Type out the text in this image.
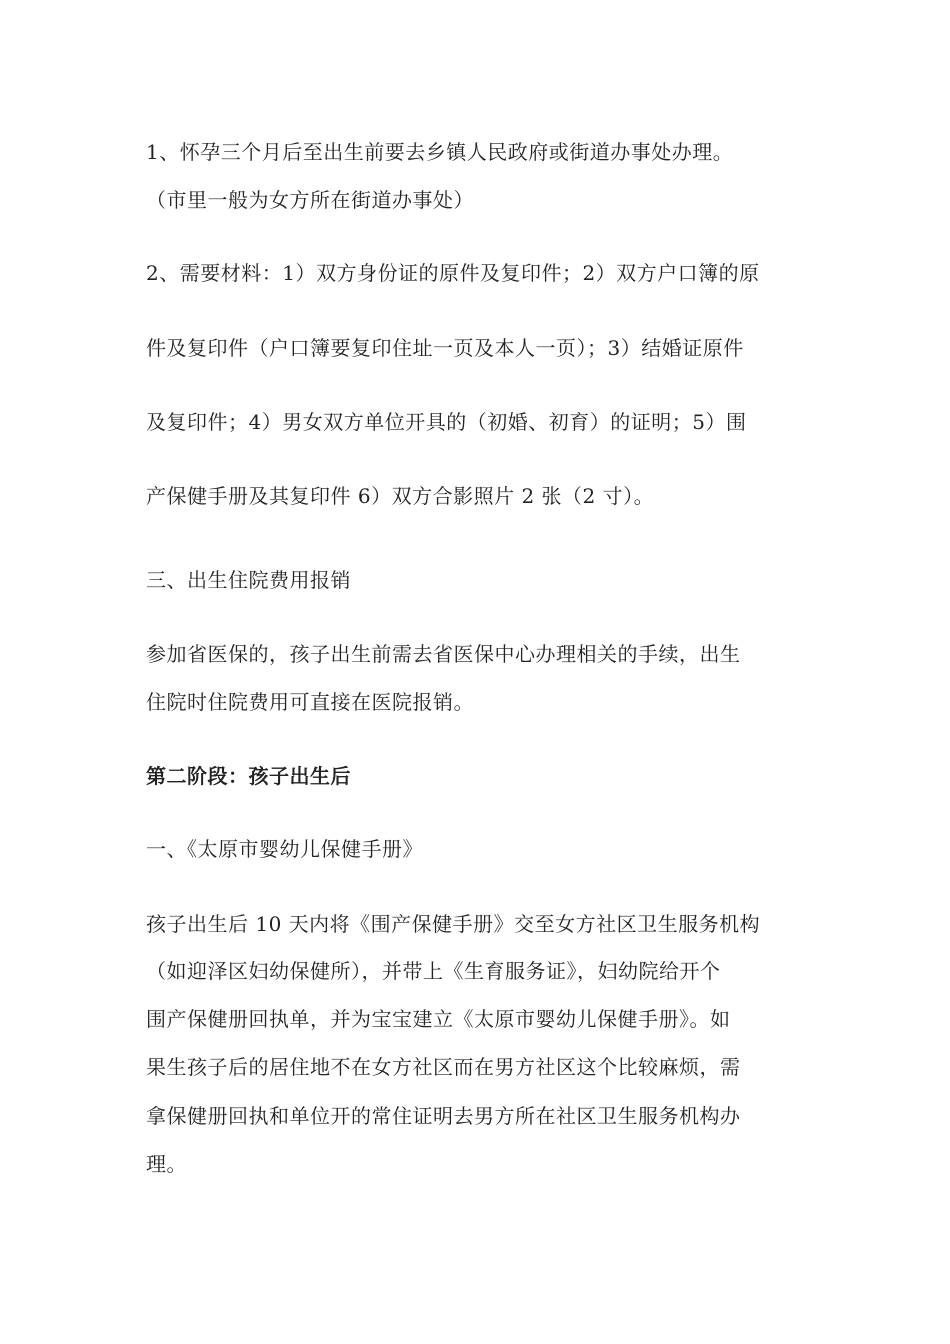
1、怀孕三个月后至出生前要去乡镇人民政府或街道办事处办理。
（市里一般为女方所在街道办事处）
2、需要材料：1）双方身份证的原件及复印件；2）双方户口簿的原
件及复印件（户口簿要复印住址一页及本人一页）；3）结婚证原件
及复印件；4）男女双方单位开具的（初婚、初育）的证明；5）围
产保健手册及其复印件 6）双方合影照片 2 张（2 寸）。
三、出生住院费用报销
参加省医保的，孩子出生前需去省医保中心办理相关的手续，出生
住院时住院费用可直接在医院报销。
第二阶段：孩子出生后
一、《太原市婴幼儿保健手册》
孩子出生后 10 天内将《围产保健手册》交至女方社区卫生服务机构
（如迎泽区妇幼保健所），并带上《生育服务证》，妇幼院给开个
围产保健册回执单，并为宝宝建立《太原市婴幼儿保健手册》。如
果生孩子后的居住地不在女方社区而在男方社区这个比较麻烦，需
拿保健册回执和单位开的常住证明去男方所在社区卫生服务机构办
理。
